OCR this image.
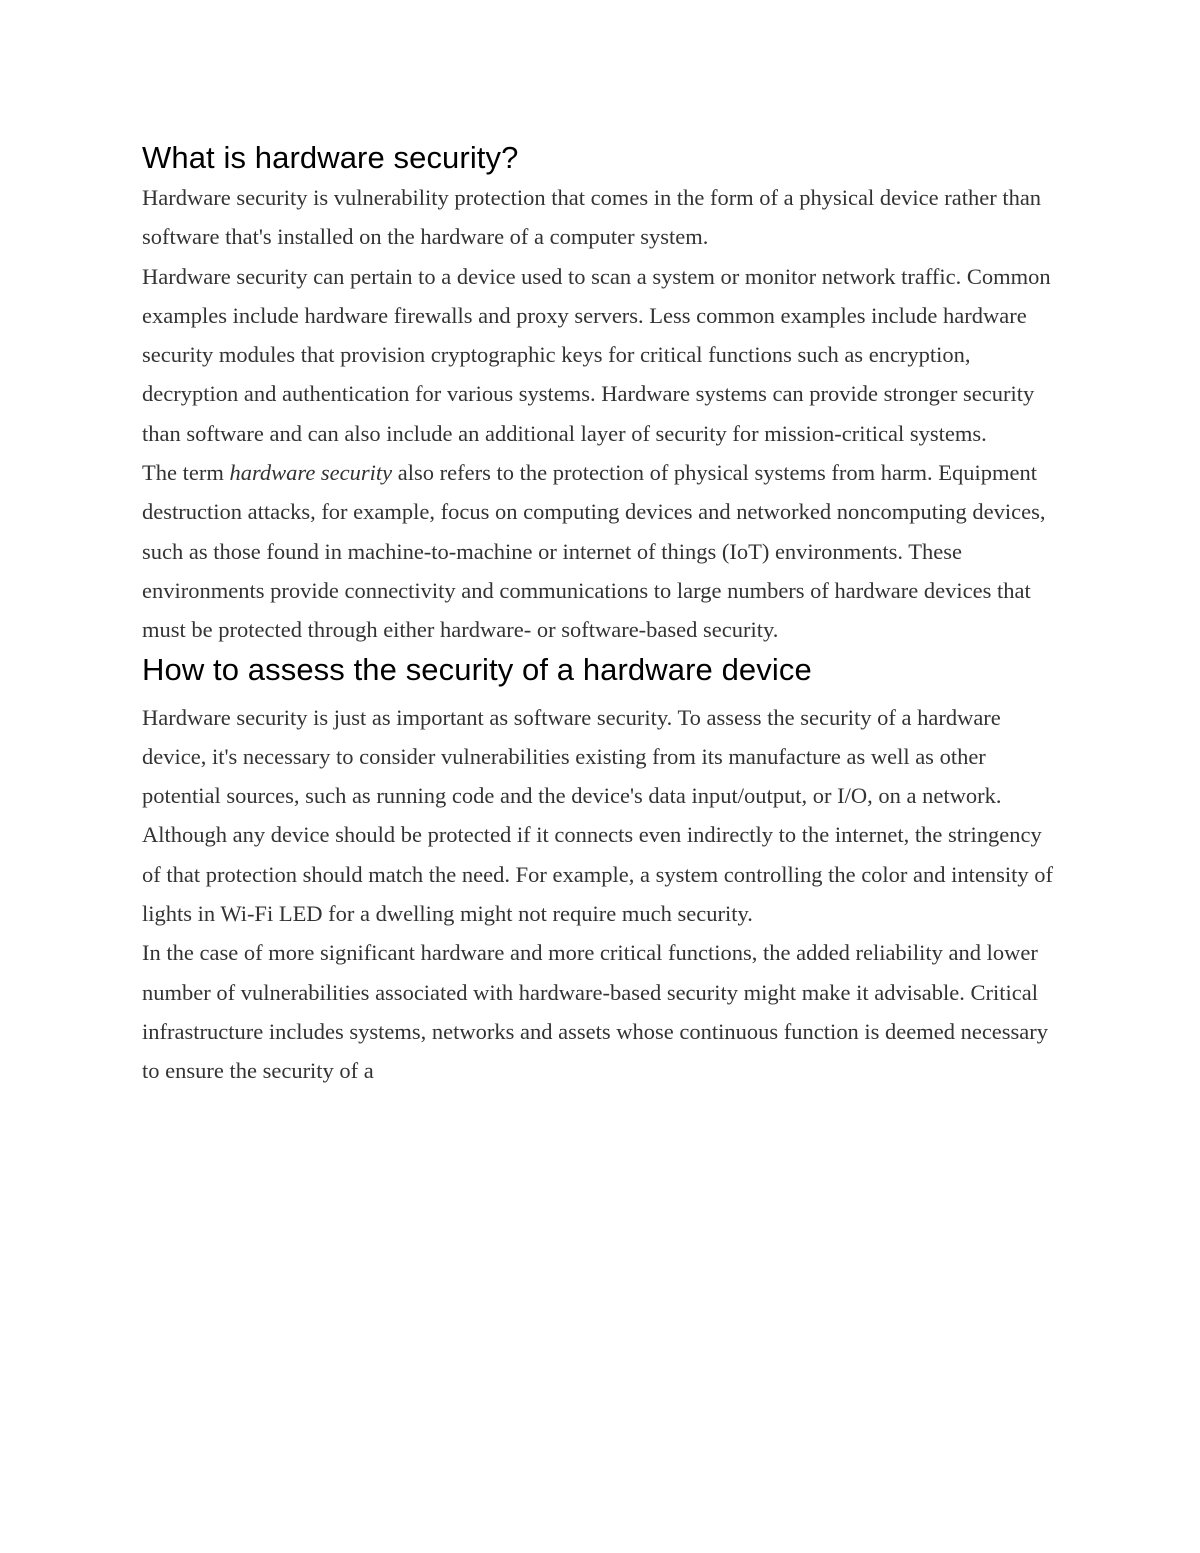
What is hardware security?

Hardware security is vulnerability protection that comes in the form of a physical device rather than software that's installed on the hardware of a computer system.

Hardware security can pertain to a device used to scan a system or monitor network traffic. Common examples include hardware firewalls and proxy servers. Less common examples include hardware security modules that provision cryptographic keys for critical functions such as encryption, decryption and authentication for various systems. Hardware systems can provide stronger security than software and can also include an additional layer of security for mission-critical systems.

The term hardware security also refers to the protection of physical systems from harm. Equipment destruction attacks, for example, focus on computing devices and networked noncomputing devices, such as those found in machine-to-machine or internet of things (IoT) environments. These environments provide connectivity and communications to large numbers of hardware devices that must be protected through either hardware- or software-based security.

How to assess the security of a hardware device

Hardware security is just as important as software security. To assess the security of a hardware device, it's necessary to consider vulnerabilities existing from its manufacture as well as other potential sources, such as running code and the device's data input/output, or I/O, on a network. Although any device should be protected if it connects even indirectly to the internet, the stringency of that protection should match the need. For example, a system controlling the color and intensity of lights in Wi-Fi LED for a dwelling might not require much security.

In the case of more significant hardware and more critical functions, the added reliability and lower number of vulnerabilities associated with hardware-based security might make it advisable. Critical infrastructure includes systems, networks and assets whose continuous function is deemed necessary to ensure the security of a
